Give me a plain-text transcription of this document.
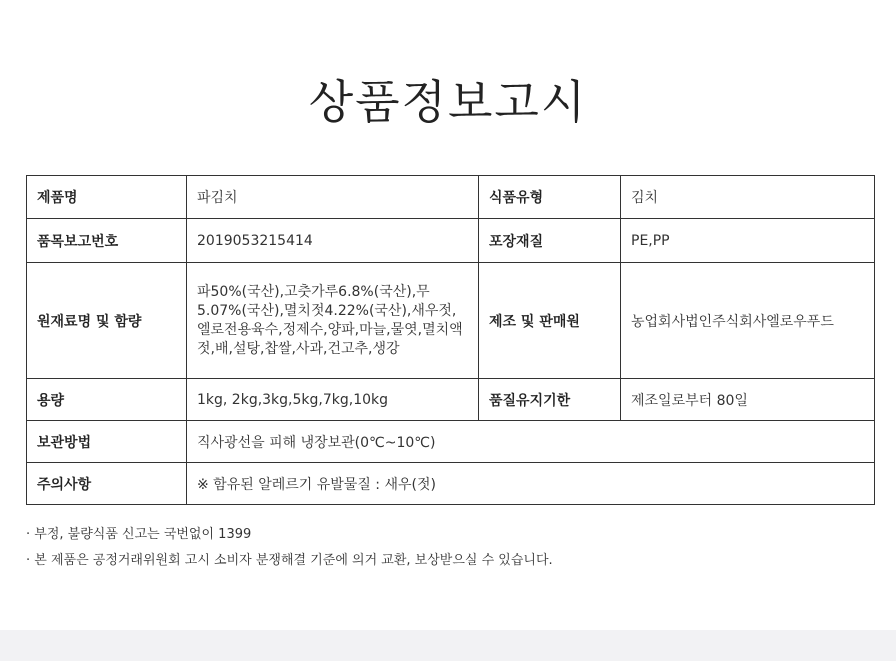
상품정보고시
제품명	파김치	식품유형	김치
품목보고번호	2019053215414	포장재질	PE,PP
원재료명 및 함량	파50%(국산),고춧가루6.8%(국산),무5.07%(국산),멸치젓4.22%(국산),새우젓,엘로전용육수,정제수,양파,마늘,물엿,멸치액젓,배,설탕,찹쌀,사과,건고추,생강	제조 및 판매원	농업회사법인주식회사엘로우푸드
용량	1kg, 2kg,3kg,5kg,7kg,10kg	품질유지기한	제조일로부터 80일
보관방법	직사광선을 피해 냉장보관(0℃~10℃)		
주의사항	※ 함유된 알레르기 유발물질 : 새우(젓)		
· 부정, 불량식품 신고는 국번없이 1399
· 본 제품은 공정거래위원회 고시 소비자 분쟁해결 기준에 의거 교환, 보상받으실 수 있습니다.
